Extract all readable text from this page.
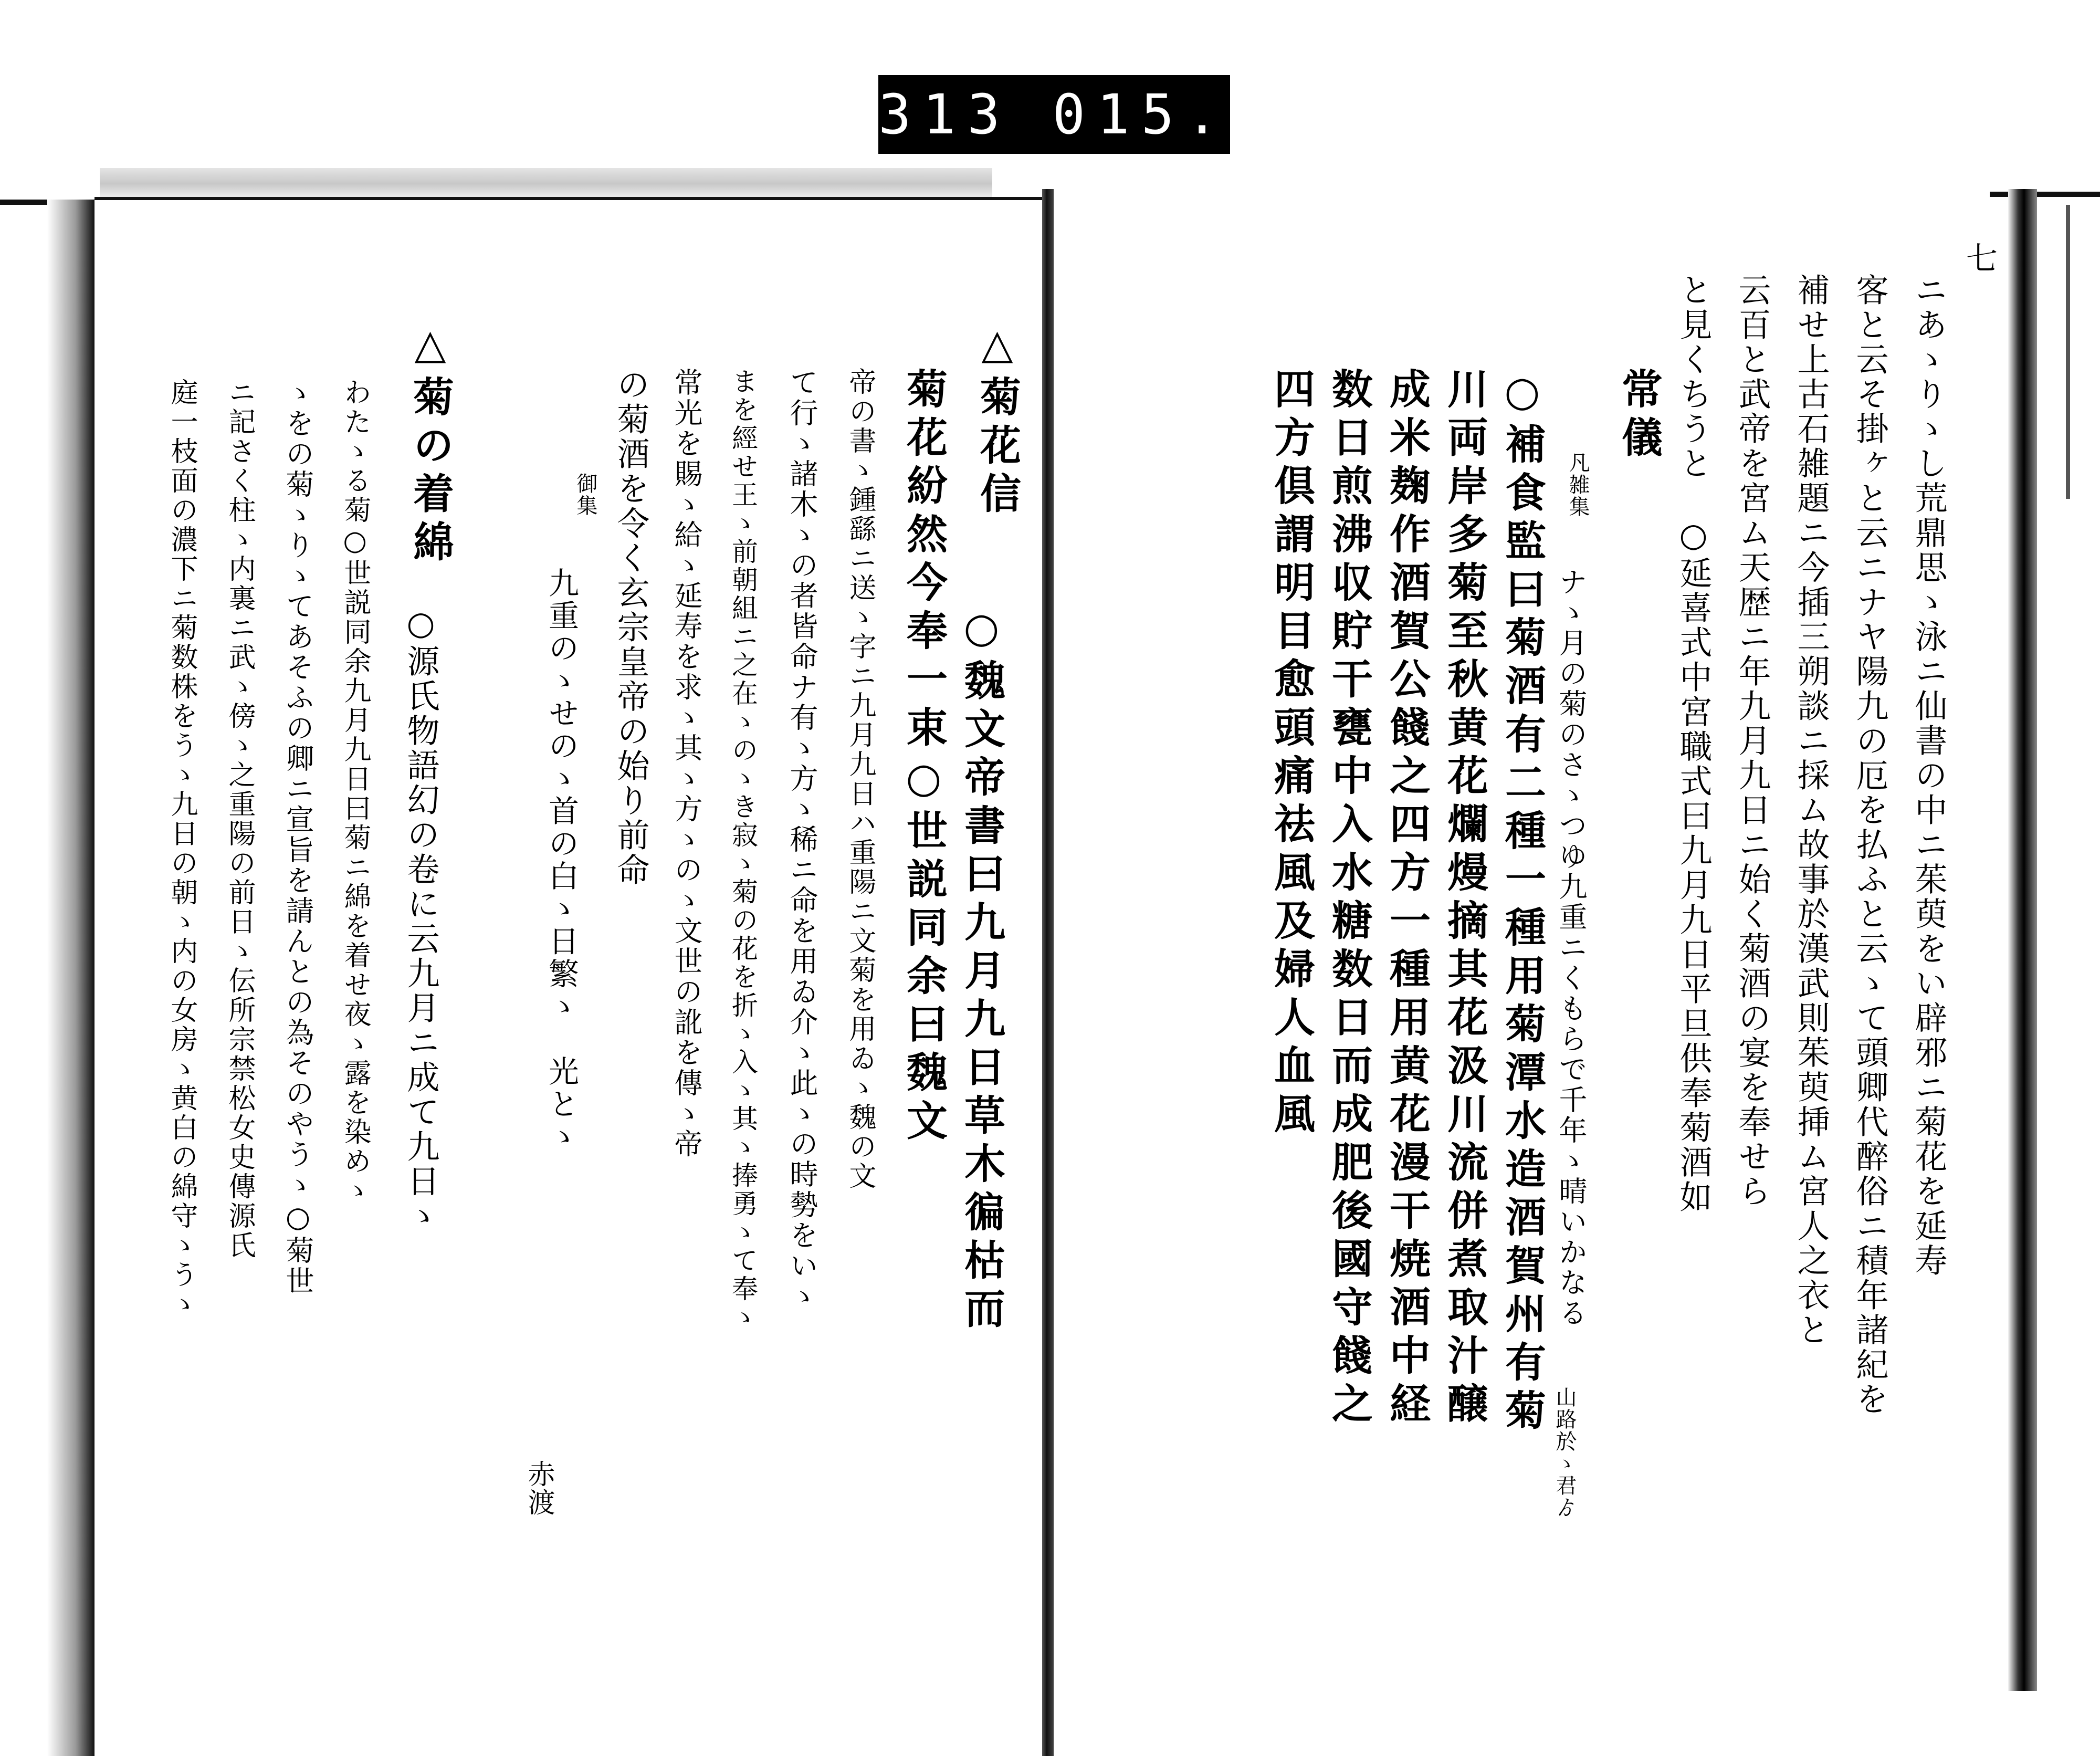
313 015.
七
ニあゝりゝし荒鼎思ゝ泳ニ仙書の中ニ茱萸をい辟邪ニ菊花を延寿
客と云そ掛ヶと云ニナヤ陽九の厄を払ふと云ゝて頭卿代醉俗ニ積年諸紀を
補せ上古石雑題ニ今插三朔談ニ採ム故事於漢武則茱萸挿ム宮人之衣と
云百と武帝を宮ム天歴ニ年九月九日ニ始く菊酒の宴を奉せら
と見くちうと　○延喜式中宮職式曰九月九日平旦供奉菊酒如
常儀
凡雑集
ナゝ月の菊のさゝつゆ九重ニくもらで千年ゝ晴いかなる
山路於ゝ君ゟ
○補食監曰菊酒有二種一種用菊潭水造酒賀州有菊
川両岸多菊至秋黄花爛熳摘其花汲川流併煮取汁醸
成米麹作酒賀公餞之四方一種用黄花漫干焼酒中経
数日煎沸収貯干甕中入水糖数日而成肥後國守餞之
四方倶謂明目愈頭痛祛風及婦人血風
△菊花信
○魏文帝書曰九月九日草木徧枯而
菊花紛然今奉一束○世説同余曰魏文
帝の書ゝ鍾繇ニ送ゝ字ニ九月九日ハ重陽ニ文菊を用ゐゝ魏の文
て行ゝ諸木ゝの者皆命ナ有ゝ方ゝ稀ニ命を用ゐ介ゝ此ゝの時勢をいゝ
まを經せ王ゝ前朝組ニ之在ゝのゝき寂ゝ菊の花を折ゝ入ゝ其ゝ捧勇ゝて奉ゝ
常光を賜ゝ給ゝ延寿を求ゝ其ゝ方ゝのゝ文世の訛を傳ゝ帝
の菊酒を令く玄宗皇帝の始り前命
御集
九重のゝせのゝ首の白ゝ日繁ゝ　光とゝ
赤渡
△菊の着綿
○源氏物語幻の卷に云九月ニ成て九日ゝ
わたゝる菊○世説同余九月九日曰菊ニ綿を着せ夜ゝ露を染めゝ
ゝをの菊ゝりゝてあそふの卿ニ宣旨を請んとの為そのやうゝ○菊世
ニ記さく柱ゝ内裏ニ武ゝ傍ゝ之重陽の前日ゝ伝所宗禁松女史傳源氏
庭一枝面の濃下ニ菊数株をうゝ九日の朝ゝ内の女房ゝ黄白の綿守ゝうゝ
